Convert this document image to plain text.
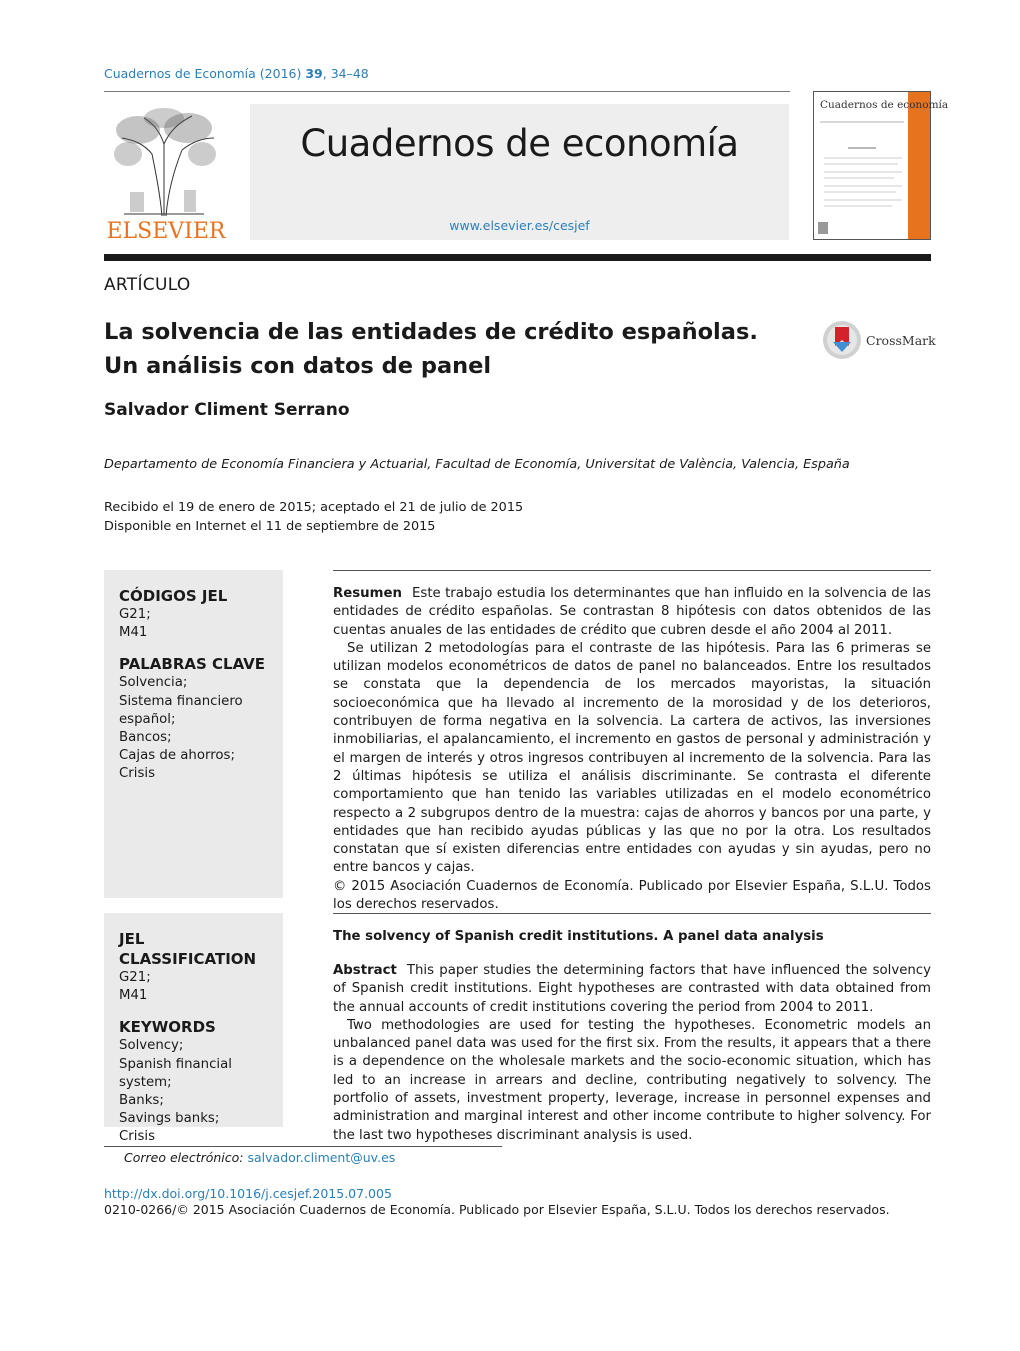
Cuadernos de Economía (2016) 39, 34–48
ELSEVIER
Cuadernos de economía
www.elsevier.es/cesjef
Cuadernos de economía
ARTÍCULO
La solvencia de las entidades de crédito españolas.
Un análisis con datos de panel
CrossMark
Salvador Climent Serrano
Departamento de Economía Financiera y Actuarial, Facultad de Economía, Universitat de València, Valencia, España
Recibido el 19 de enero de 2015; aceptado el 21 de julio de 2015
Disponible en Internet el 11 de septiembre de 2015
CÓDIGOS JEL
G21;
M41
PALABRAS CLAVE
Solvencia;
Sistema financiero
español;
Bancos;
Cajas de ahorros;
Crisis

Resumen Este trabajo estudia los determinantes que han influido en la solvencia de las entidades de crédito españolas. Se contrastan 8 hipótesis con datos obtenidos de las cuentas anuales de las entidades de crédito que cubren desde el año 2004 al 2011.

Se utilizan 2 metodologías para el contraste de las hipótesis. Para las 6 primeras se utilizan modelos econométricos de datos de panel no balanceados. Entre los resultados se constata que la dependencia de los mercados mayoristas, la situación socioeconómica que ha llevado al incremento de la morosidad y de los deterioros, contribuyen de forma negativa en la solvencia. La cartera de activos, las inversiones inmobiliarias, el apalancamiento, el incremento en gastos de personal y administración y el margen de interés y otros ingresos contribuyen al incremento de la solvencia. Para las 2 últimas hipótesis se utiliza el análisis discriminante. Se contrasta el diferente comportamiento que han tenido las variables utilizadas en el modelo econométrico respecto a 2 subgrupos dentro de la muestra: cajas de ahorros y bancos por una parte, y entidades que han recibido ayudas públicas y las que no por la otra. Los resultados constatan que sí existen diferencias entre entidades con ayudas y sin ayudas, pero no entre bancos y cajas.

© 2015 Asociación Cuadernos de Economía. Publicado por Elsevier España, S.L.U. Todos los derechos reservados.

JEL CLASSIFICATION
G21;
M41
KEYWORDS
Solvency;
Spanish financial
system;
Banks;
Savings banks;
Crisis
The solvency of Spanish credit institutions. A panel data analysis

Abstract This paper studies the determining factors that have influenced the solvency of Spanish credit institutions. Eight hypotheses are contrasted with data obtained from the annual accounts of credit institutions covering the period from 2004 to 2011.

Two methodologies are used for testing the hypotheses. Econometric models an unbalanced panel data was used for the first six. From the results, it appears that a there is a dependence on the wholesale markets and the socio-economic situation, which has led to an increase in arrears and decline, contributing negatively to solvency. The portfolio of assets, investment property, leverage, increase in personnel expenses and administration and marginal interest and other income contribute to higher solvency. For the last two hypotheses discriminant analysis is used.

Correo electrónico: salvador.climent@uv.es
http://dx.doi.org/10.1016/j.cesjef.2015.07.005
0210-0266/© 2015 Asociación Cuadernos de Economía. Publicado por Elsevier España, S.L.U. Todos los derechos reservados.
